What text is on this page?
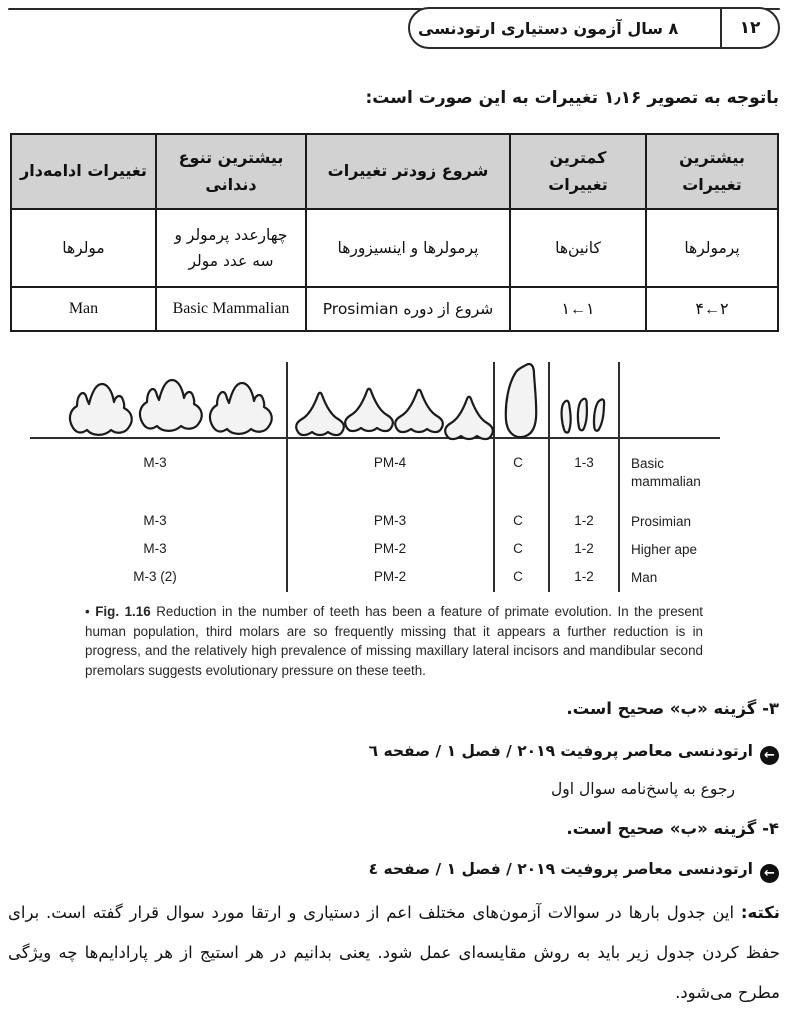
۸ سال آزمون دستیاری ارتودنسی	۱۲
باتوجه به تصویر ۱٫۱۶ تغییرات به این صورت است:
بیشترین تغییرات	کمترین تغییرات	شروع زودتر تغییرات	بیشترین تنوع دندانی	تغییرات ادامه‌دار
پرمولرها	کانین‌ها	پرمولرها و اینسیزورها	چهارعدد پرمولر و سه عدد مولر	مولرها
۴←۲	۱←۱	شروع از دوره Prosimian	Basic Mammalian	Man
M-3	PM-4	C	1-3	Basic mammalian
M-3	PM-3	C	1-2	Prosimian
M-3	PM-2	C	1-2	Higher ape
M-3 (2)	PM-2	C	1-2	Man
• Fig. 1.16 Reduction in the number of teeth has been a feature of primate evolution. In the present human population, third molars are so frequently missing that it appears a further reduction is in progress, and the relatively high prevalence of missing maxillary lateral incisors and mandibular second premolars suggests evolutionary pressure on these teeth.
۳- گزینه «ب» صحیح است.
←ارتودنسی معاصر پروفیت ۲۰۱۹ / فصل ۱ / صفحه ٦
رجوع به پاسخ‌نامه سوال اول
۴- گزینه «ب» صحیح است.
←ارتودنسی معاصر پروفیت ۲۰۱۹ / فصل ۱ / صفحه ٤
نکته: این جدول بارها در سوالات آزمون‌های مختلف اعم از دستیاری و ارتقا مورد سوال قرار گفته است. برای حفظ کردن جدول زیر باید به روش مقایسه‌ای عمل شود. یعنی بدانیم در هر استیج از هر پارادایم‌ها چه ویژگی مطرح می‌شود.
